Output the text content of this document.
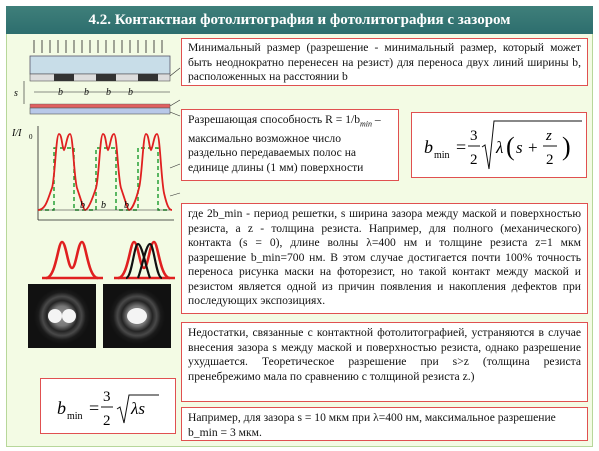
4.2. Контактная фотолитография и фотолитография с зазором
s	b b b b
I/I 0
b b b
Минимальный размер (разрешение - минимальный размер, который может быть неоднократно перенесен на резист) для переноса двух линий ширины b, расположенных на расстоянии b
Разрешающая способность $R = 1/b_{min}$ – максимально возможное число раздельно передаваемых полос на единице длины (1 мм) поверхности
b min =
3
2
λ ( s +
z
2 )
где 2b_min - период решетки, s ширина зазора между маской и поверхностью резиста, а z - толщина резиста. Например, для полного (механического) контакта (s = 0), длине волны λ=400 нм и толщине резиста z=1 мкм разрешение b_min=700 нм. В этом случае достигается почти 100% точность переноса рисунка маски на фоторезист, но такой контакт между маской и резистом является одной из причин появления и накопления дефектов при последующих экспозициях.
Недостатки, связанные с контактной фотолитографией, устраняются в случае внесения зазора s между маской и поверхностью резиста, однако разрешение ухудшается. Теоретическое разрешение при s>z (толщина резиста пренебрежимо мала по сравнению с толщиной резиста z.)
b min =
3
2
λs	Например, для зазора s = 10 мкм при λ=400 нм, максимальное разрешение b_min = 3 мкм.
